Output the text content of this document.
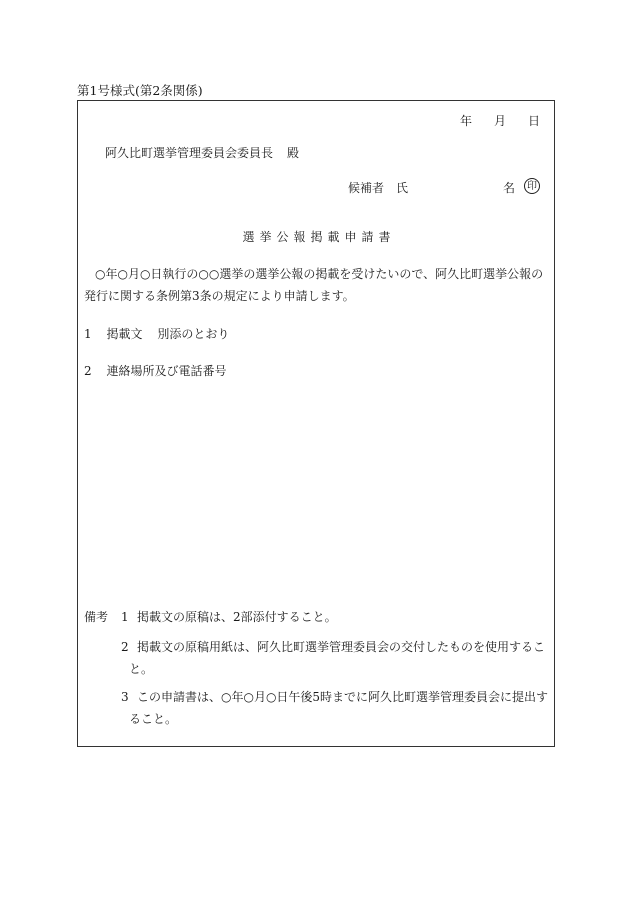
第1号様式(第2条関係)
年 月 日
阿久比町選挙管理委員会委員長 殿
候補者　氏	名	印
選挙公報掲載申請書
○年○月○日執行の○○選挙の選挙公報の掲載を受けたいので、阿久比町選挙公報の
発行に関する条例第3条の規定により申請します。
1 掲載文 別添のとおり
2 連絡場所及び電話番号
備考 1 掲載文の原稿は、2部添付すること。
2 掲載文の原稿用紙は、阿久比町選挙管理委員会の交付したものを使用するこ
と。
3 この申請書は、○年○月○日午後5時までに阿久比町選挙管理委員会に提出す
ること。
